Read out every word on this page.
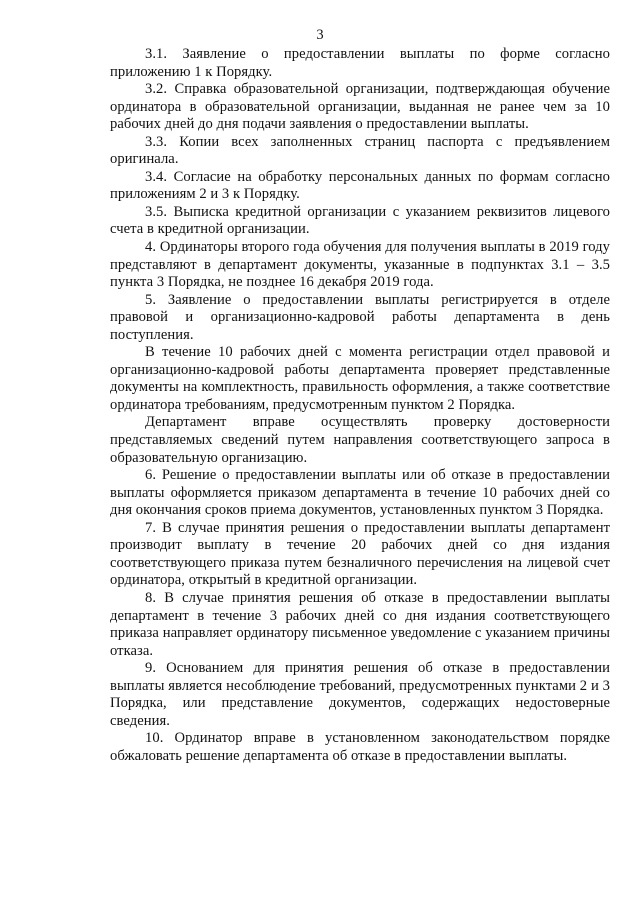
3

3.1. Заявление о предоставлении выплаты по форме согласно приложению 1 к Порядку.

3.2. Справка образовательной организации, подтверждающая обучение ординатора в образовательной организации, выданная не ранее чем за 10 рабочих дней до дня подачи заявления о предоставлении выплаты.

3.3. Копии всех заполненных страниц паспорта с предъявлением оригинала.

3.4. Согласие на обработку персональных данных по формам согласно приложениям 2 и 3 к Порядку.

3.5. Выписка кредитной организации с указанием реквизитов лицевого счета в кредитной организации.

4. Ординаторы второго года обучения для получения выплаты в 2019 году представляют в департамент документы, указанные в подпунктах 3.1 – 3.5 пункта 3 Порядка, не позднее 16 декабря 2019 года.

5. Заявление о предоставлении выплаты регистрируется в отделе правовой и организационно-кадровой работы департамента в день поступления.

В течение 10 рабочих дней с момента регистрации отдел правовой и организационно-кадровой работы департамента проверяет представленные документы на комплектность, правильность оформления, а также соответствие ординатора требованиям, предусмотренным пунктом 2 Порядка.

Департамент вправе осуществлять проверку достоверности представляемых сведений путем направления соответствующего запроса в образовательную организацию.

6. Решение о предоставлении выплаты или об отказе в предоставлении выплаты оформляется приказом департамента в течение 10 рабочих дней со дня окончания сроков приема документов, установленных пунктом 3 Порядка.

7. В случае принятия решения о предоставлении выплаты департамент производит выплату в течение 20 рабочих дней со дня издания соответствующего приказа путем безналичного перечисления на лицевой счет ординатора, открытый в кредитной организации.

8. В случае принятия решения об отказе в предоставлении выплаты департамент в течение 3 рабочих дней со дня издания соответствующего приказа направляет ординатору письменное уведомление с указанием причины отказа.

9. Основанием для принятия решения об отказе в предоставлении выплаты является несоблюдение требований, предусмотренных пунктами 2 и 3 Порядка, или представление документов, содержащих недостоверные сведения.

10. Ординатор вправе в установленном законодательством порядке обжаловать решение департамента об отказе в предоставлении выплаты.
